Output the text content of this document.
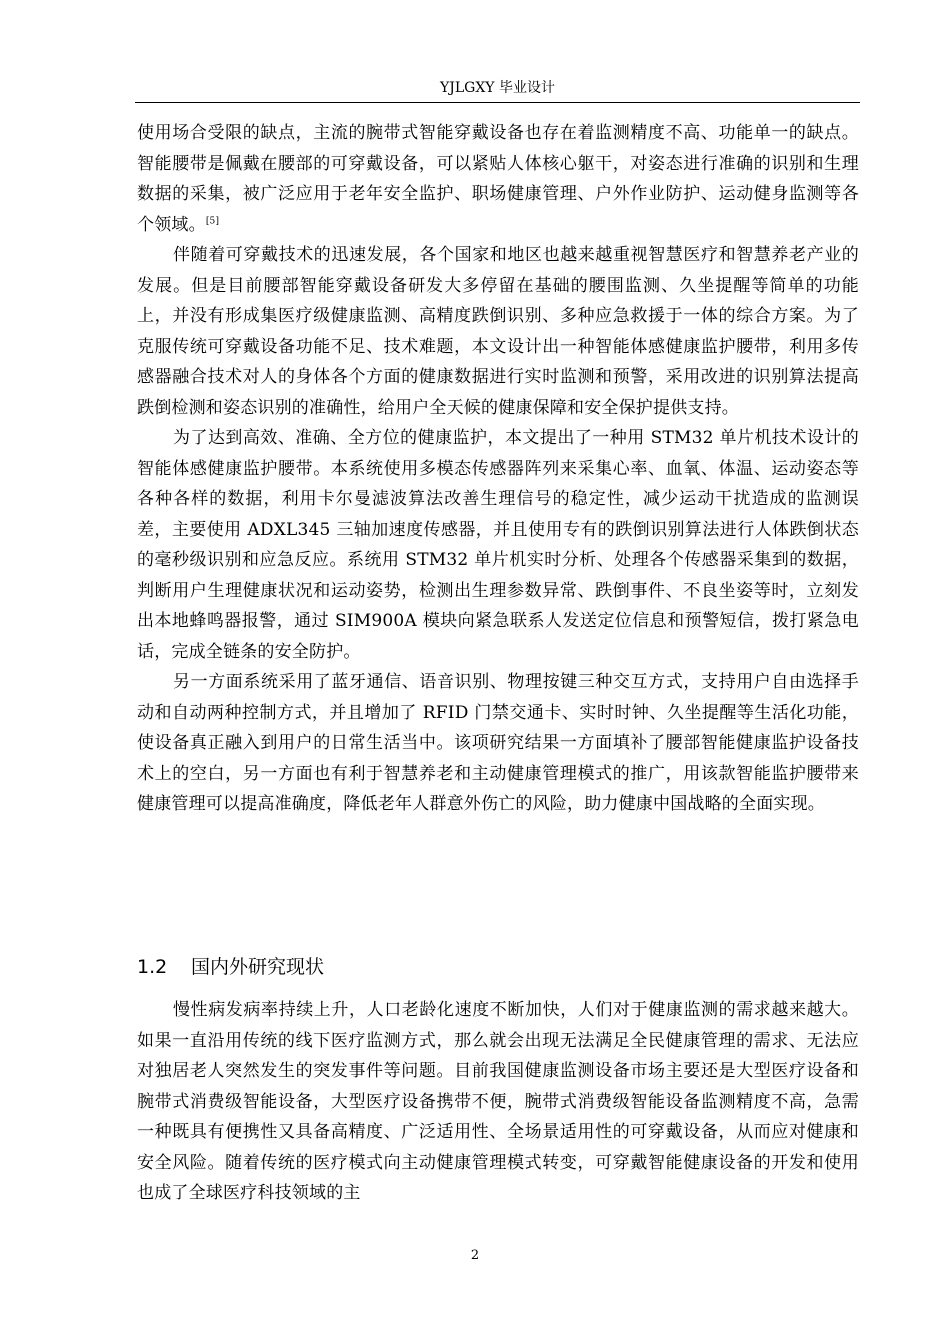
YJLGXY 毕业设计

使用场合受限的缺点，主流的腕带式智能穿戴设备也存在着监测精度不高、功能单一的缺点。智能腰带是佩戴在腰部的可穿戴设备，可以紧贴人体核心躯干，对姿态进行准确的识别和生理数据的采集，被广泛应用于老年安全监护、职场健康管理、户外作业防护、运动健身监测等各个领域。[5]

伴随着可穿戴技术的迅速发展，各个国家和地区也越来越重视智慧医疗和智慧养老产业的发展。但是目前腰部智能穿戴设备研发大多停留在基础的腰围监测、久坐提醒等简单的功能上，并没有形成集医疗级健康监测、高精度跌倒识别、多种应急救援于一体的综合方案。为了克服传统可穿戴设备功能不足、技术难题，本文设计出一种智能体感健康监护腰带，利用多传感器融合技术对人的身体各个方面的健康数据进行实时监测和预警，采用改进的识别算法提高跌倒检测和姿态识别的准确性，给用户全天候的健康保障和安全保护提供支持。

为了达到高效、准确、全方位的健康监护，本文提出了一种用 STM32 单片机技术设计的智能体感健康监护腰带。本系统使用多模态传感器阵列来采集心率、血氧、体温、运动姿态等各种各样的数据，利用卡尔曼滤波算法改善生理信号的稳定性，减少运动干扰造成的监测误差，主要使用 ADXL345 三轴加速度传感器，并且使用专有的跌倒识别算法进行人体跌倒状态的毫秒级识别和应急反应。系统用 STM32 单片机实时分析、处理各个传感器采集到的数据，判断用户生理健康状况和运动姿势，检测出生理参数异常、跌倒事件、不良坐姿等时，立刻发出本地蜂鸣器报警，通过 SIM900A 模块向紧急联系人发送定位信息和预警短信，拨打紧急电话，完成全链条的安全防护。

另一方面系统采用了蓝牙通信、语音识别、物理按键三种交互方式，支持用户自由选择手动和自动两种控制方式，并且增加了 RFID 门禁交通卡、实时时钟、久坐提醒等生活化功能，使设备真正融入到用户的日常生活当中。该项研究结果一方面填补了腰部智能健康监护设备技术上的空白，另一方面也有利于智慧养老和主动健康管理模式的推广，用该款智能监护腰带来健康管理可以提高准确度，降低老年人群意外伤亡的风险，助力健康中国战略的全面实现。

1.2	国内外研究现状

慢性病发病率持续上升，人口老龄化速度不断加快，人们对于健康监测的需求越来越大。如果一直沿用传统的线下医疗监测方式，那么就会出现无法满足全民健康管理的需求、无法应对独居老人突然发生的突发事件等问题。目前我国健康监测设备市场主要还是大型医疗设备和腕带式消费级智能设备，大型医疗设备携带不便，腕带式消费级智能设备监测精度不高，急需一种既具有便携性又具备高精度、广泛适用性、全场景适用性的可穿戴设备，从而应对健康和安全风险。随着传统的医疗模式向主动健康管理模式转变，可穿戴智能健康设备的开发和使用也成了全球医疗科技领域的主

2
